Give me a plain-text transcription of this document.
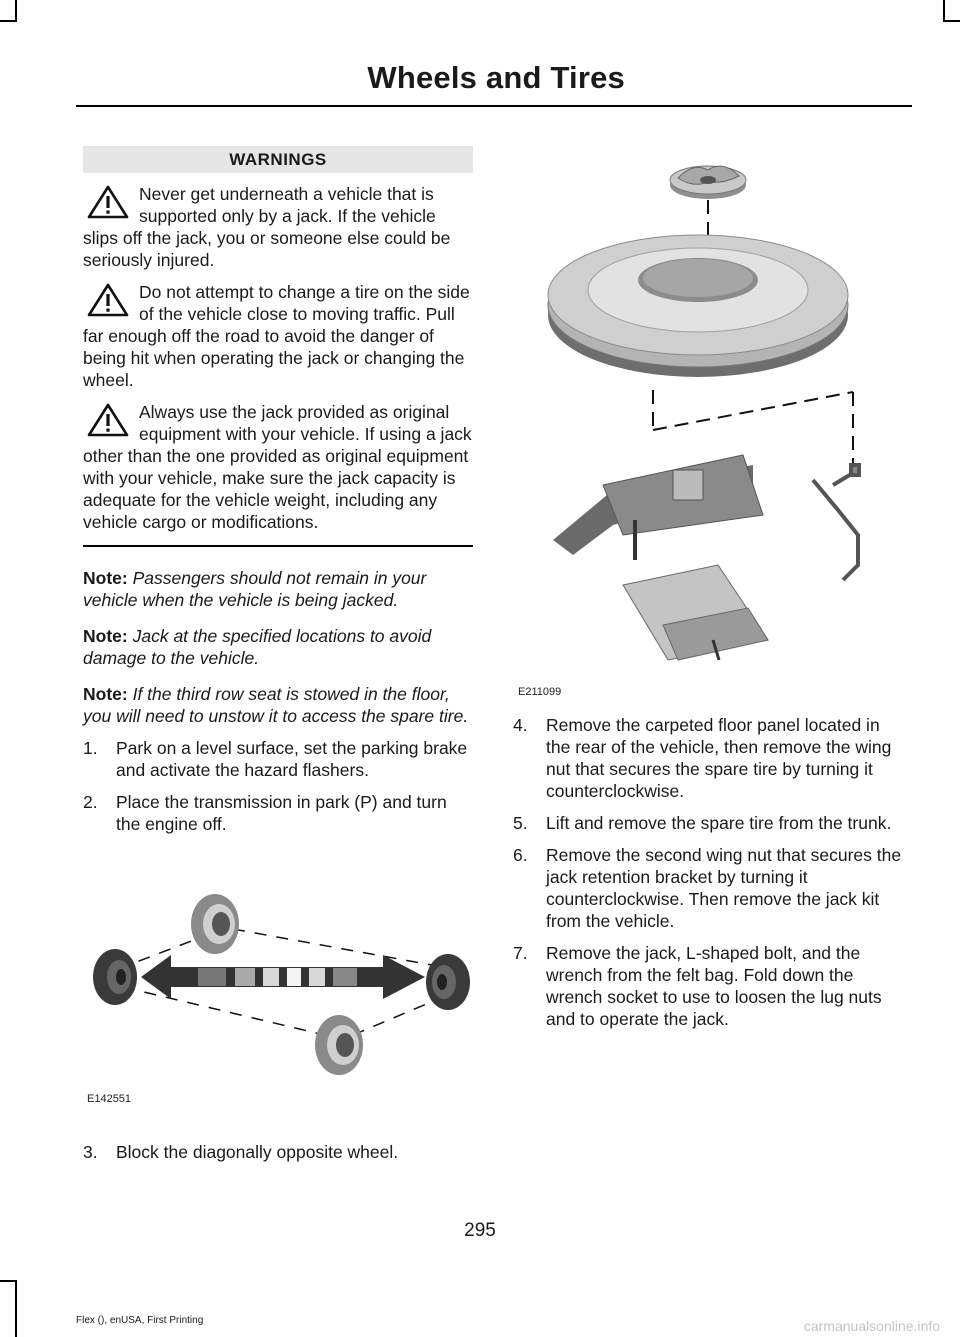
Wheels and Tires
WARNINGS
Never get underneath a vehicle that is supported only by a jack. If the vehicle slips off the jack, you or someone else could be seriously injured.
Do not attempt to change a tire on the side of the vehicle close to moving traffic. Pull far enough off the road to avoid the danger of being hit when operating the jack or changing the wheel.
Always use the jack provided as original equipment with your vehicle. If using a jack other than the one provided as original equipment with your vehicle, make sure the jack capacity is adequate for the vehicle weight, including any vehicle cargo or modifications.
Note: Passengers should not remain in your vehicle when the vehicle is being jacked.
Note: Jack at the specified locations to avoid damage to the vehicle.
Note: If the third row seat is stowed in the floor, you will need to unstow it to access the spare tire.
1. Park on a level surface, set the parking brake and activate the hazard flashers.
2. Place the transmission in park (P) and turn the engine off.
E142551
3. Block the diagonally opposite wheel.
E211099
4. Remove the carpeted floor panel located in the rear of the vehicle, then remove the wing nut that secures the spare tire by turning it counterclockwise.
5. Lift and remove the spare tire from the trunk.
6. Remove the second wing nut that secures the jack retention bracket by turning it counterclockwise. Then remove the jack kit from the vehicle.
7. Remove the jack, L-shaped bolt, and the wrench from the felt bag. Fold down the wrench socket to use to loosen the lug nuts and to operate the jack.
295
Flex (), enUSA, First Printing	carmanualsonline.info
